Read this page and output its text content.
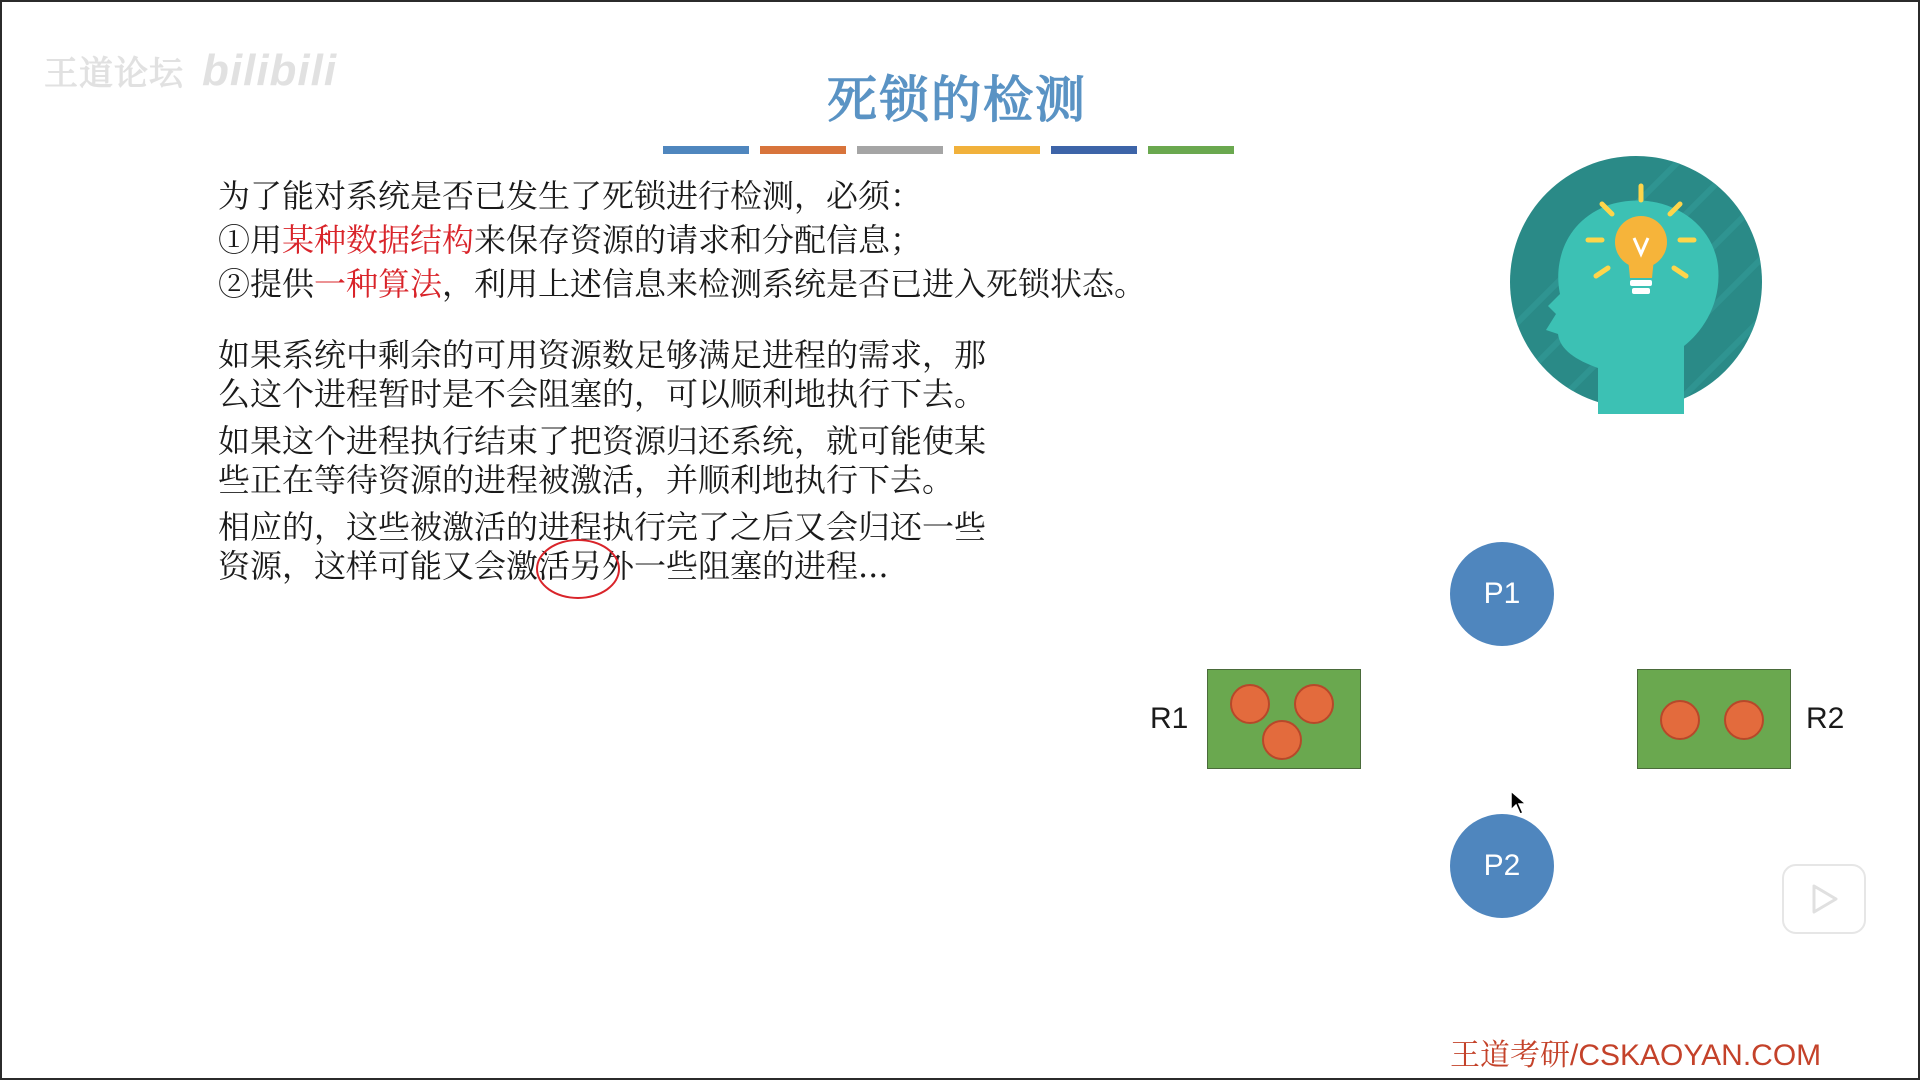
王道论坛 bilibili
死锁的检测
为了能对系统是否已发生了死锁进行检测，必须：
①用某种数据结构来保存资源的请求和分配信息；
②提供一种算法，利用上述信息来检测系统是否已进入死锁状态。
如果系统中剩余的可用资源数足够满足进程的需求，那
么这个进程暂时是不会阻塞的，可以顺利地执行下去。
如果这个进程执行结束了把资源归还系统，就可能使某
些正在等待资源的进程被激活，并顺利地执行下去。
相应的，这些被激活的进程执行完了之后又会归还一些
资源，这样可能又会激活另外一些阻塞的进程...
P1
P2
R1	R2
王道考研/CSKAOYAN.COM
